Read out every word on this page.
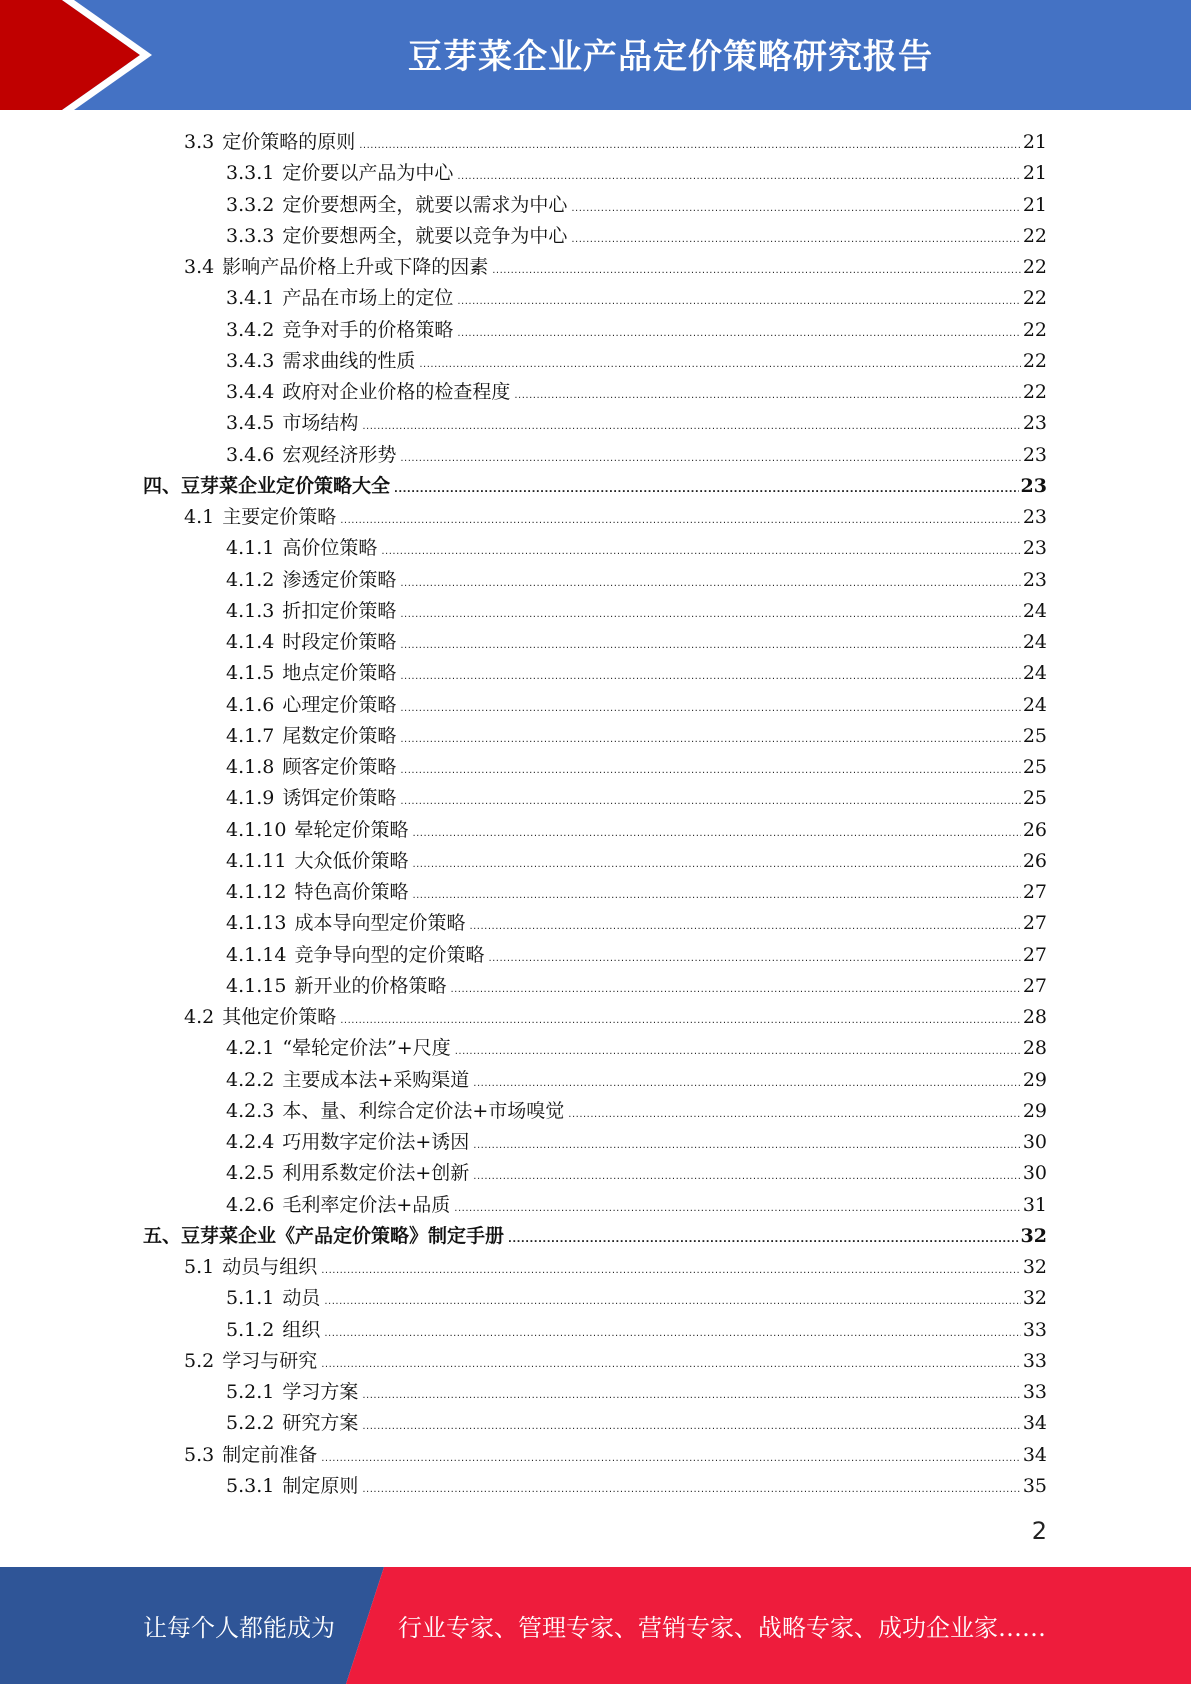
豆芽菜企业产品定价策略研究报告
3.3 定价策略的原则 .....	21
3.3.1 定价要以产品为中心 .....	21
3.3.2 定价要想两全，就要以需求为中心 .....	21
3.3.3 定价要想两全，就要以竞争为中心 .....	22
3.4 影响产品价格上升或下降的因素 .....	22
3.4.1 产品在市场上的定位 .....	22
3.4.2 竞争对手的价格策略 .....	22
3.4.3 需求曲线的性质 .....	22
3.4.4 政府对企业价格的检查程度 .....	22
3.4.5 市场结构 .....	23
3.4.6 宏观经济形势 .....	23
四、豆芽菜企业定价策略大全 .....	23
4.1 主要定价策略 .....	23
4.1.1 高价位策略 .....	23
4.1.2 渗透定价策略 .....	23
4.1.3 折扣定价策略 .....	24
4.1.4 时段定价策略 .....	24
4.1.5 地点定价策略 .....	24
4.1.6 心理定价策略 .....	24
4.1.7 尾数定价策略 .....	25
4.1.8 顾客定价策略 .....	25
4.1.9 诱饵定价策略 .....	25
4.1.10 晕轮定价策略 .....	26
4.1.11 大众低价策略 .....	26
4.1.12 特色高价策略 .....	27
4.1.13 成本导向型定价策略 .....	27
4.1.14 竞争导向型的定价策略 .....	27
4.1.15 新开业的价格策略 .....	27
4.2 其他定价策略 .....	28
4.2.1 “晕轮定价法”+尺度 .....	28
4.2.2 主要成本法+采购渠道 .....	29
4.2.3 本、量、利综合定价法+市场嗅觉 .....	29
4.2.4 巧用数字定价法+诱因 .....	30
4.2.5 利用系数定价法+创新 .....	30
4.2.6 毛利率定价法+品质 .....	31
五、豆芽菜企业《产品定价策略》制定手册 .....	32
5.1 动员与组织 .....	32
5.1.1 动员 .....	32
5.1.2 组织 .....	33
5.2 学习与研究 .....	33
5.2.1 学习方案 .....	33
5.2.2 研究方案 .....	34
5.3 制定前准备 .....	34
5.3.1 制定原则 .....	35
2
让每个人都能成为	行业专家、管理专家、营销专家、战略专家、成功企业家……
